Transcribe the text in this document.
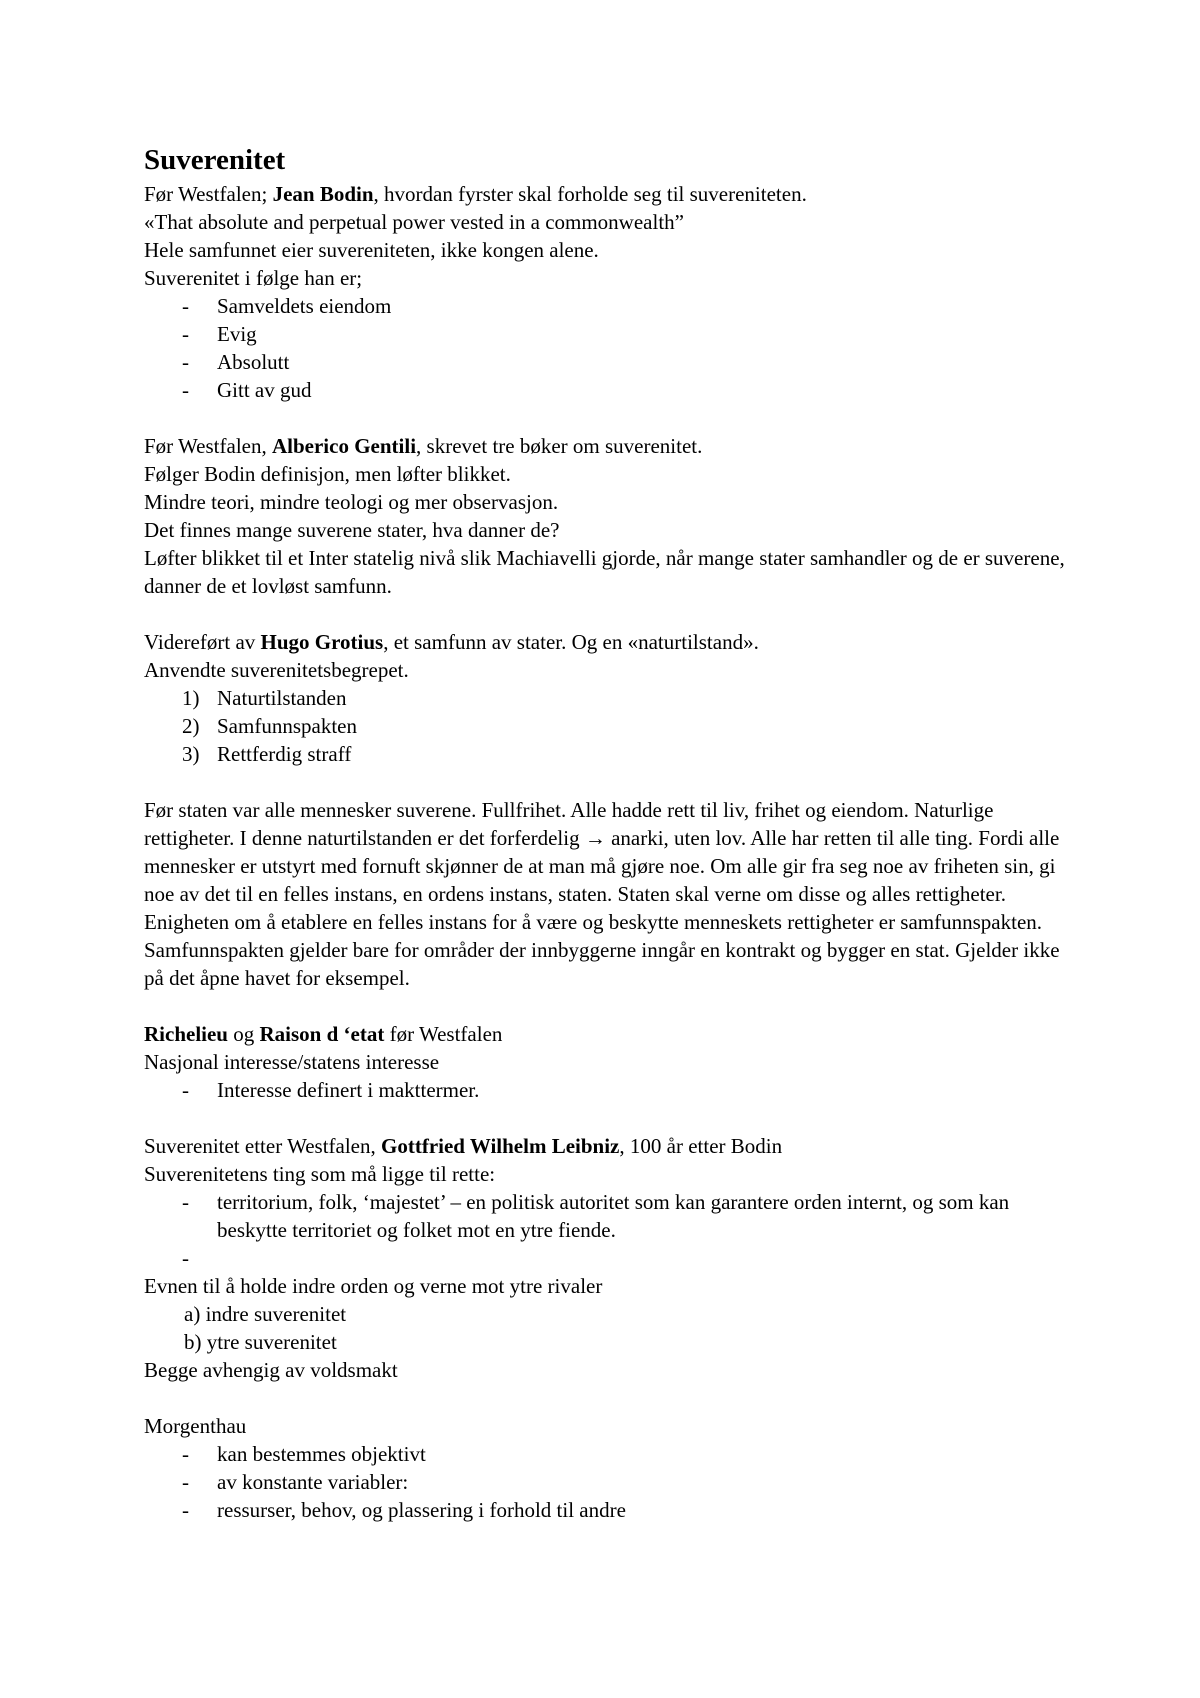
Suverenitet
Før Westfalen; Jean Bodin, hvordan fyrster skal forholde seg til suvereniteten.
«That absolute and perpetual power vested in a commonwealth”
Hele samfunnet eier suvereniteten, ikke kongen alene.
Suverenitet i følge han er;
- Samveldets eiendom
- Evig
- Absolutt
- Gitt av gud
Før Westfalen, Alberico Gentili, skrevet tre bøker om suverenitet.
Følger Bodin definisjon, men løfter blikket.
Mindre teori, mindre teologi og mer observasjon.
Det finnes mange suverene stater, hva danner de?
Løfter blikket til et Inter statelig nivå slik Machiavelli gjorde, når mange stater samhandler og de er suverene, danner de et lovløst samfunn.
Videreført av Hugo Grotius, et samfunn av stater. Og en «naturtilstand».
Anvendte suverenitetsbegrepet.
1) Naturtilstanden
2) Samfunnspakten
3) Rettferdig straff
Før staten var alle mennesker suverene. Fullfrihet. Alle hadde rett til liv, frihet og eiendom. Naturlige rettigheter. I denne naturtilstanden er det forferdelig → anarki, uten lov. Alle har retten til alle ting. Fordi alle mennesker er utstyrt med fornuft skjønner de at man må gjøre noe. Om alle gir fra seg noe av friheten sin, gi noe av det til en felles instans, en ordens instans, staten. Staten skal verne om disse og alles rettigheter. Enigheten om å etablere en felles instans for å være og beskytte menneskets rettigheter er samfunnspakten. Samfunnspakten gjelder bare for områder der innbyggerne inngår en kontrakt og bygger en stat. Gjelder ikke på det åpne havet for eksempel.
Richelieu og Raison d ‘etat før Westfalen
Nasjonal interesse/statens interesse
- Interesse definert i makttermer.
Suverenitet etter Westfalen, Gottfried Wilhelm Leibniz, 100 år etter Bodin
Suverenitetens ting som må ligge til rette:
- territorium, folk, ‘majestet’ – en politisk autoritet som kan garantere orden internt, og som kan beskytte territoriet og folket mot en ytre fiende.
-

Evnen til å holde indre orden og verne mot ytre rivaler
a) indre suverenitet
b) ytre suverenitet
Begge avhengig av voldsmakt
Morgenthau
- kan bestemmes objektivt
- av konstante variabler:
- ressurser, behov, og plassering i forhold til andre
